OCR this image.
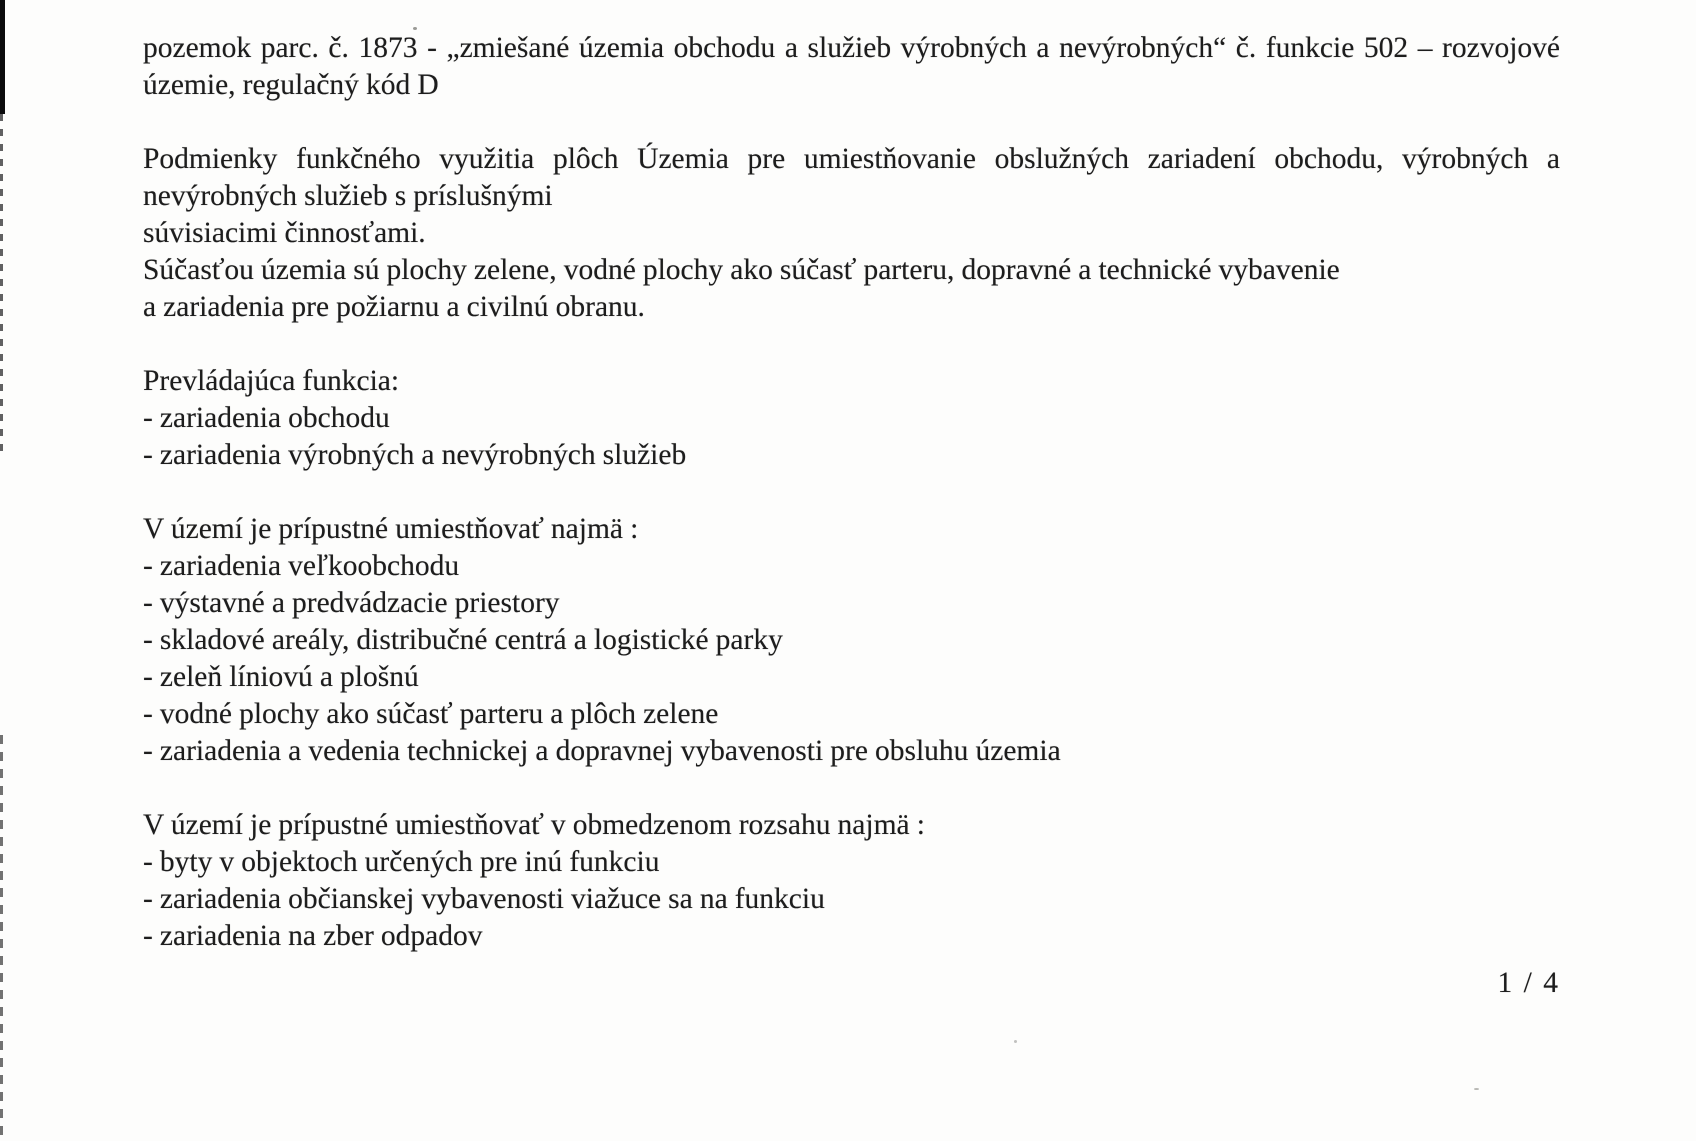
pozemok parc. č. 1873 - „zmiešané územia obchodu a služieb výrobných a nevýrobných“ č. funkcie 502 – rozvojové
územie, regulačný kód D
Podmienky funkčného využitia plôch Územia pre umiestňovanie obslužných zariadení obchodu, výrobných a
nevýrobných služieb s príslušnými
súvisiacimi činnosťami.
Súčasťou územia sú plochy zelene, vodné plochy ako súčasť parteru, dopravné a technické vybavenie
a zariadenia pre požiarnu a civilnú obranu.
Prevládajúca funkcia:
- zariadenia obchodu
- zariadenia výrobných a nevýrobných služieb
V území je prípustné umiestňovať najmä :
- zariadenia veľkoobchodu
- výstavné a predvádzacie priestory
- skladové areály, distribučné centrá a logistické parky
- zeleň líniovú a plošnú
- vodné plochy ako súčasť parteru a plôch zelene
- zariadenia a vedenia technickej a dopravnej vybavenosti pre obsluhu územia
V území je prípustné umiestňovať v obmedzenom rozsahu najmä :
- byty v objektoch určených pre inú funkciu
- zariadenia občianskej vybavenosti viažuce sa na funkciu
- zariadenia na zber odpadov
1 / 4
